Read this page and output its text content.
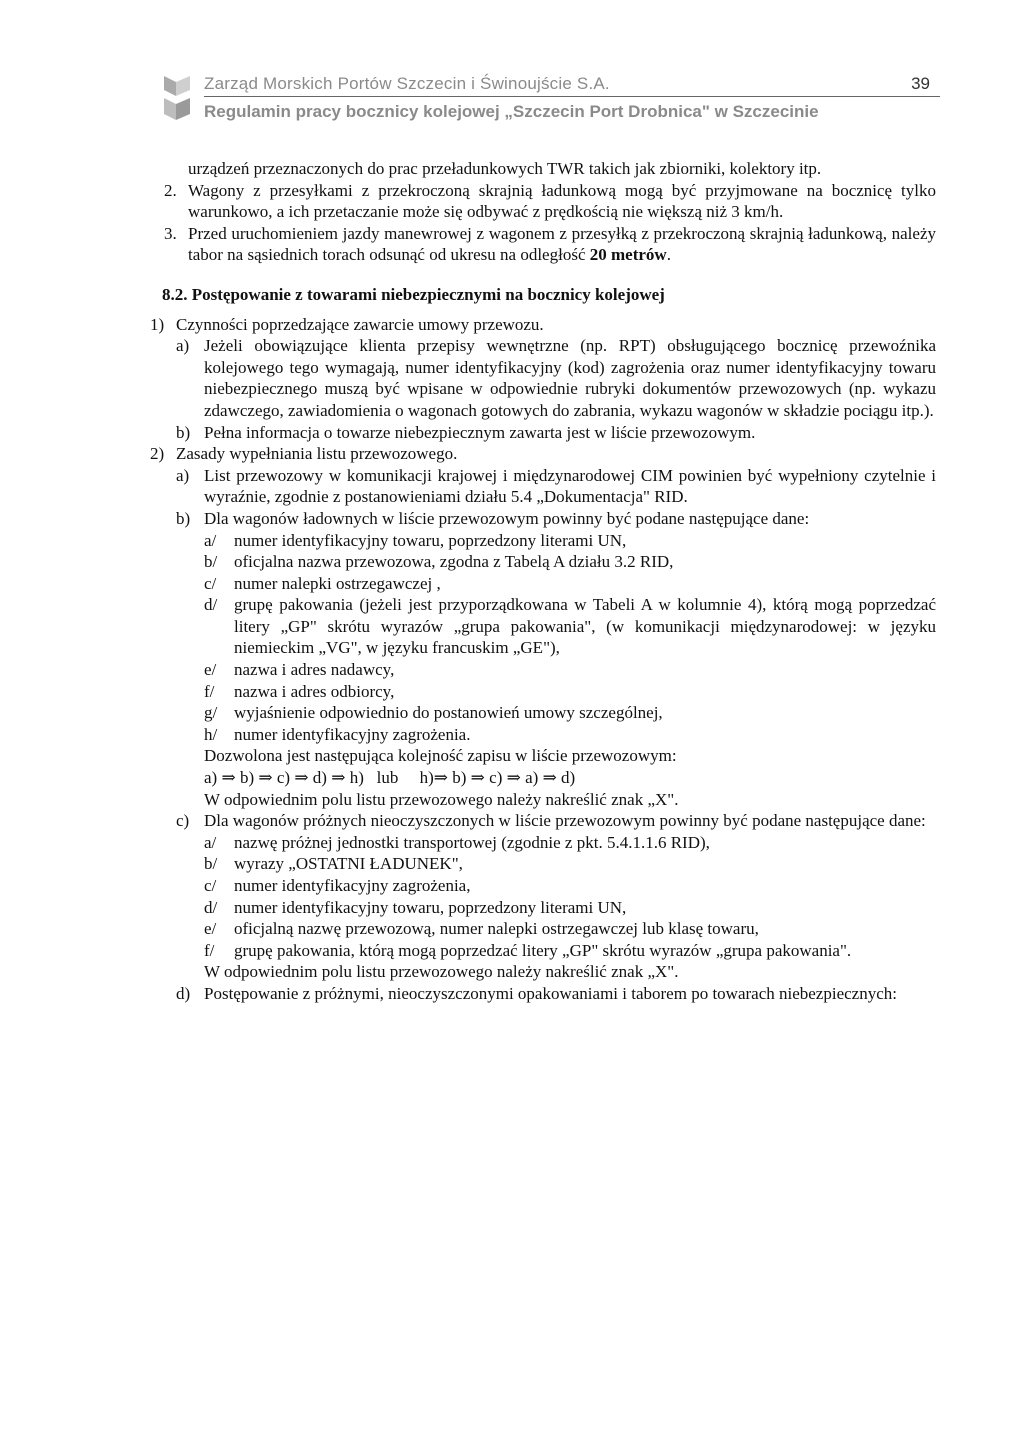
Zarząd Morskich Portów Szczecin i Świnoujście S.A.	39
Regulamin pracy bocznicy kolejowej „Szczecin Port Drobnica" w Szczecinie

urządzeń przeznaczonych do prac przeładunkowych TWR takich jak zbiorniki, kolektory itp.

2. Wagony z przesyłkami z przekroczoną skrajnią ładunkową mogą być przyjmowane na bocznicę tylko warunkowo, a ich przetaczanie może się odbywać z prędkością nie większą niż 3 km/h.

3. Przed uruchomieniem jazdy manewrowej z wagonem z przesyłką z przekroczoną skrajnią ładunkową, należy tabor na sąsiednich torach odsunąć od ukresu na odległość 20 metrów.

8.2. Postępowanie z towarami niebezpiecznymi na bocznicy kolejowej

1) Czynności poprzedzające zawarcie umowy przewozu.

a) Jeżeli obowiązujące klienta przepisy wewnętrzne (np. RPT) obsługującego bocznicę przewoźnika kolejowego tego wymagają, numer identyfikacyjny (kod) zagrożenia oraz numer identyfikacyjny towaru niebezpiecznego muszą być wpisane w odpowiednie rubryki dokumentów przewozowych (np. wykazu zdawczego, zawiadomienia o wagonach gotowych do zabrania, wykazu wagonów w składzie pociągu itp.).

b) Pełna informacja o towarze niebezpiecznym zawarta jest w liście przewozowym.

2) Zasady wypełniania listu przewozowego.

a) List przewozowy w komunikacji krajowej i międzynarodowej CIM powinien być wypełniony czytelnie i wyraźnie, zgodnie z postanowieniami działu 5.4 „Dokumentacja" RID.

b) Dla wagonów ładownych w liście przewozowym powinny być podane następujące dane:

a/ numer identyfikacyjny towaru, poprzedzony literami UN,

b/ oficjalna nazwa przewozowa, zgodna z Tabelą A działu 3.2 RID,

c/ numer nalepki ostrzegawczej ,

d/ grupę pakowania (jeżeli jest przyporządkowana w Tabeli A w kolumnie 4), którą mogą poprzedzać litery „GP" skrótu wyrazów „grupa pakowania", (w komunikacji międzynarodowej: w języku niemieckim „VG", w języku francuskim „GE"),

e/ nazwa i adres nadawcy,

f/ nazwa i adres odbiorcy,

g/ wyjaśnienie odpowiednio do postanowień umowy szczególnej,

h/ numer identyfikacyjny zagrożenia.

Dozwolona jest następująca kolejność zapisu w liście przewozowym:

a) ⇒ b) ⇒ c) ⇒ d) ⇒ h)   lub     h)⇒ b) ⇒ c) ⇒ a) ⇒ d)

W odpowiednim polu listu przewozowego należy nakreślić znak „X".

c) Dla wagonów próżnych nieoczyszczonych w liście przewozowym powinny być podane następujące dane:

a/ nazwę próżnej jednostki transportowej (zgodnie z pkt. 5.4.1.1.6 RID),

b/ wyrazy „OSTATNI ŁADUNEK",

c/ numer identyfikacyjny zagrożenia,

d/ numer identyfikacyjny towaru, poprzedzony literami UN,

e/ oficjalną nazwę przewozową, numer nalepki ostrzegawczej lub klasę towaru,

f/ grupę pakowania, którą mogą poprzedzać litery „GP" skrótu wyrazów „grupa pakowania".

W odpowiednim polu listu przewozowego należy nakreślić znak „X".

d) Postępowanie z próżnymi, nieoczyszczonymi opakowaniami i taborem po towarach niebezpiecznych:
